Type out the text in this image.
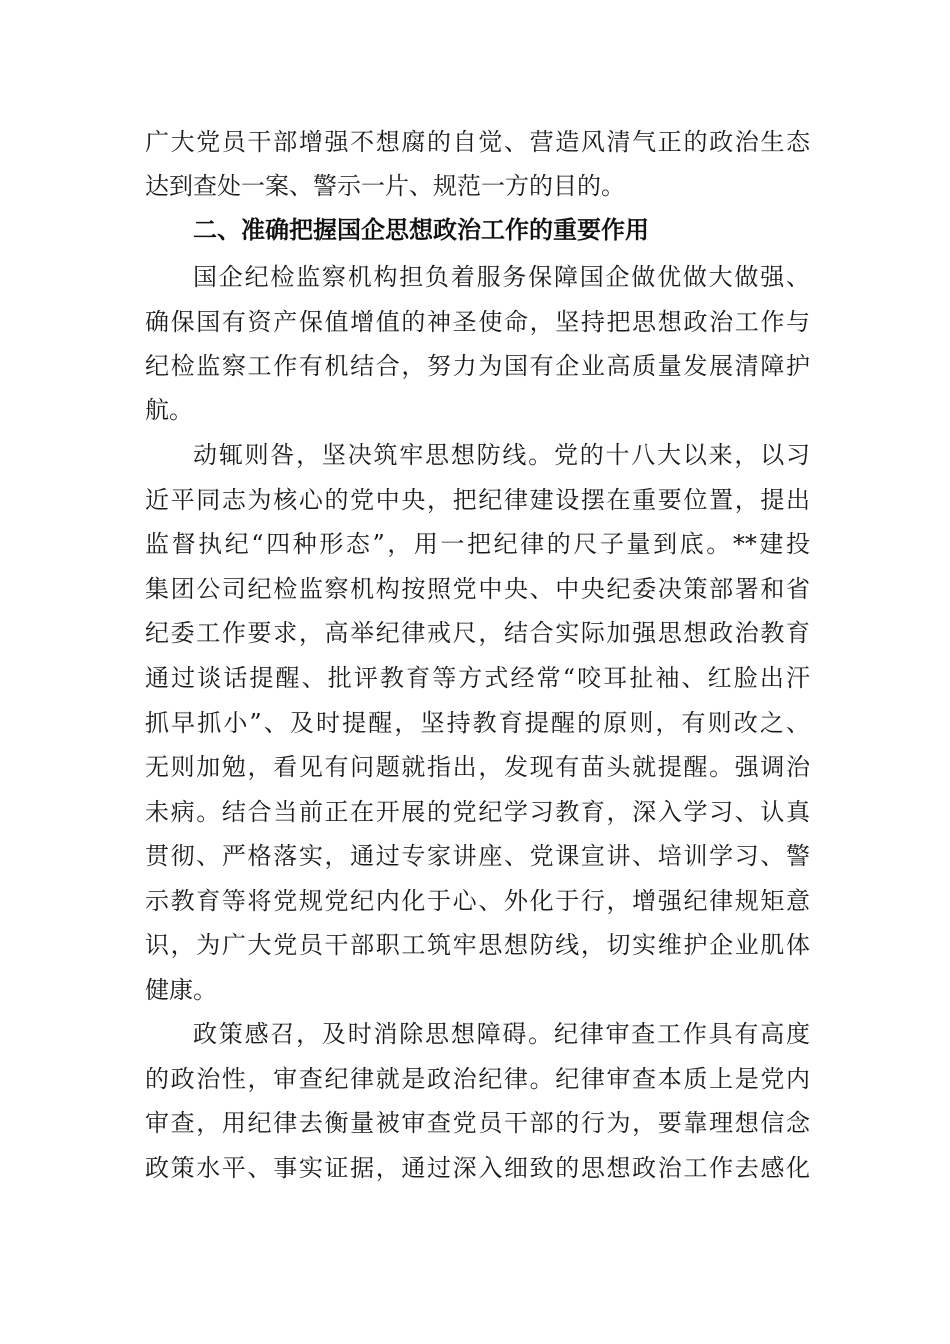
广大党员干部增强不想腐的自觉、营造风清气正的政治生态
达到查处一案、警示一片、规范一方的目的。
二、准确把握国企思想政治工作的重要作用
国企纪检监察机构担负着服务保障国企做优做大做强、
确保国有资产保值增值的神圣使命，坚持把思想政治工作与
纪检监察工作有机结合，努力为国有企业高质量发展清障护
航。
动辄则咎，坚决筑牢思想防线。党的十八大以来，以习
近平同志为核心的党中央，把纪律建设摆在重要位置，提出
监督执纪“四种形态”，用一把纪律的尺子量到底。**建投
集团公司纪检监察机构按照党中央、中央纪委决策部署和省
纪委工作要求，高举纪律戒尺，结合实际加强思想政治教育
通过谈话提醒、批评教育等方式经常“咬耳扯袖、红脸出汗
抓早抓小”、及时提醒，坚持教育提醒的原则，有则改之、
无则加勉，看见有问题就指出，发现有苗头就提醒。强调治
未病。结合当前正在开展的党纪学习教育，深入学习、认真
贯彻、严格落实，通过专家讲座、党课宣讲、培训学习、警
示教育等将党规党纪内化于心、外化于行，增强纪律规矩意
识，为广大党员干部职工筑牢思想防线，切实维护企业肌体
健康。
政策感召，及时消除思想障碍。纪律审查工作具有高度
的政治性，审查纪律就是政治纪律。纪律审查本质上是党内
审查，用纪律去衡量被审查党员干部的行为，要靠理想信念
政策水平、事实证据，通过深入细致的思想政治工作去感化
